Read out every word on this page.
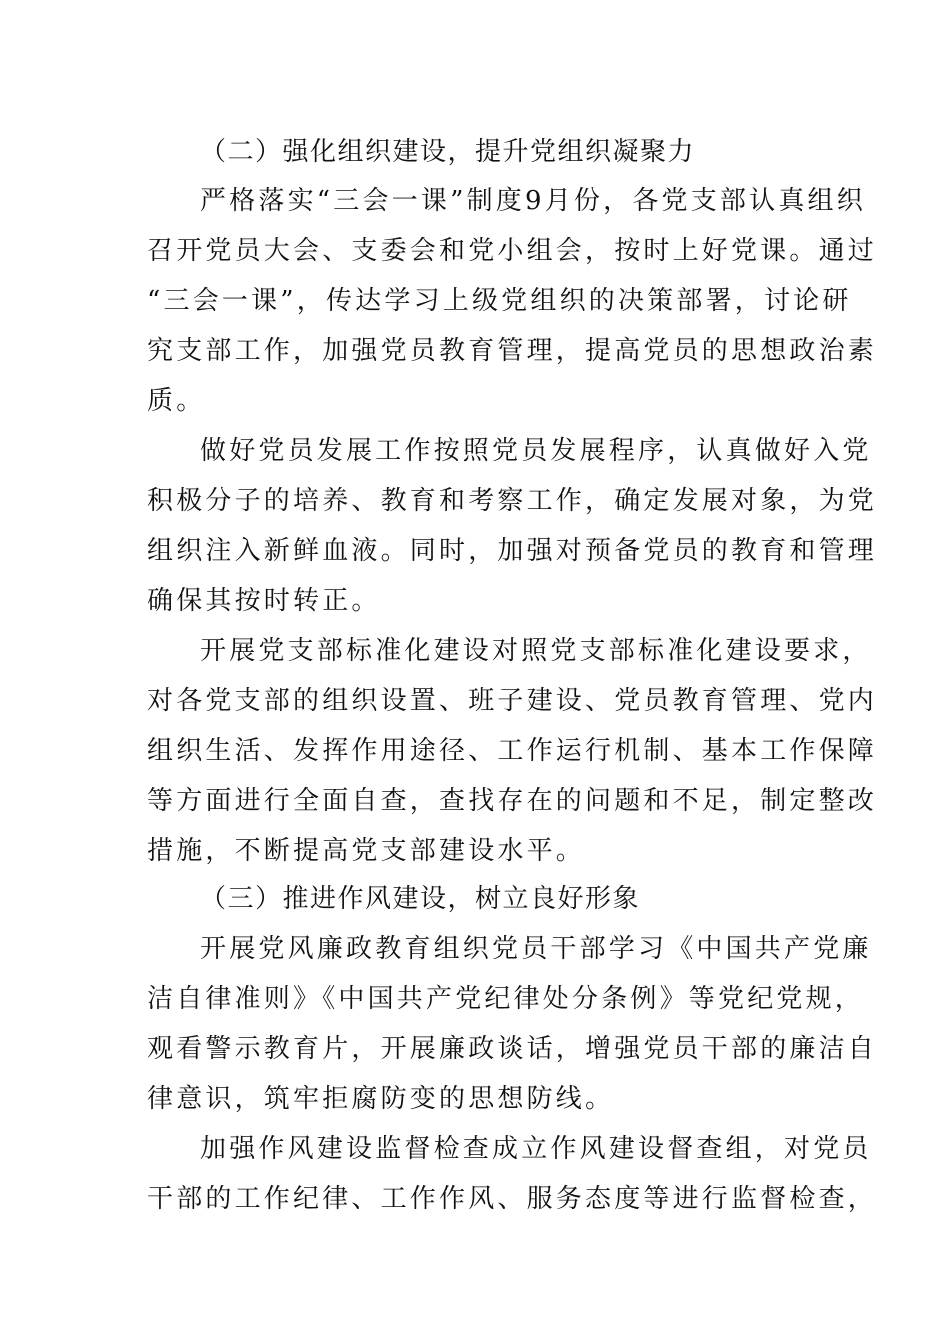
（二）强化组织建设，提升党组织凝聚力
严格落实“三会一课”制度9月份，各党支部认真组织
召开党员大会、支委会和党小组会，按时上好党课。通过
“三会一课”，传达学习上级党组织的决策部署，讨论研
究支部工作，加强党员教育管理，提高党员的思想政治素
质。
做好党员发展工作按照党员发展程序，认真做好入党
积极分子的培养、教育和考察工作，确定发展对象，为党
组织注入新鲜血液。同时，加强对预备党员的教育和管理
确保其按时转正。
开展党支部标准化建设对照党支部标准化建设要求，
对各党支部的组织设置、班子建设、党员教育管理、党内
组织生活、发挥作用途径、工作运行机制、基本工作保障
等方面进行全面自查，查找存在的问题和不足，制定整改
措施，不断提高党支部建设水平。
（三）推进作风建设，树立良好形象
开展党风廉政教育组织党员干部学习《中国共产党廉
洁自律准则》《中国共产党纪律处分条例》等党纪党规，
观看警示教育片，开展廉政谈话，增强党员干部的廉洁自
律意识，筑牢拒腐防变的思想防线。
加强作风建设监督检查成立作风建设督查组，对党员
干部的工作纪律、工作作风、服务态度等进行监督检查，
